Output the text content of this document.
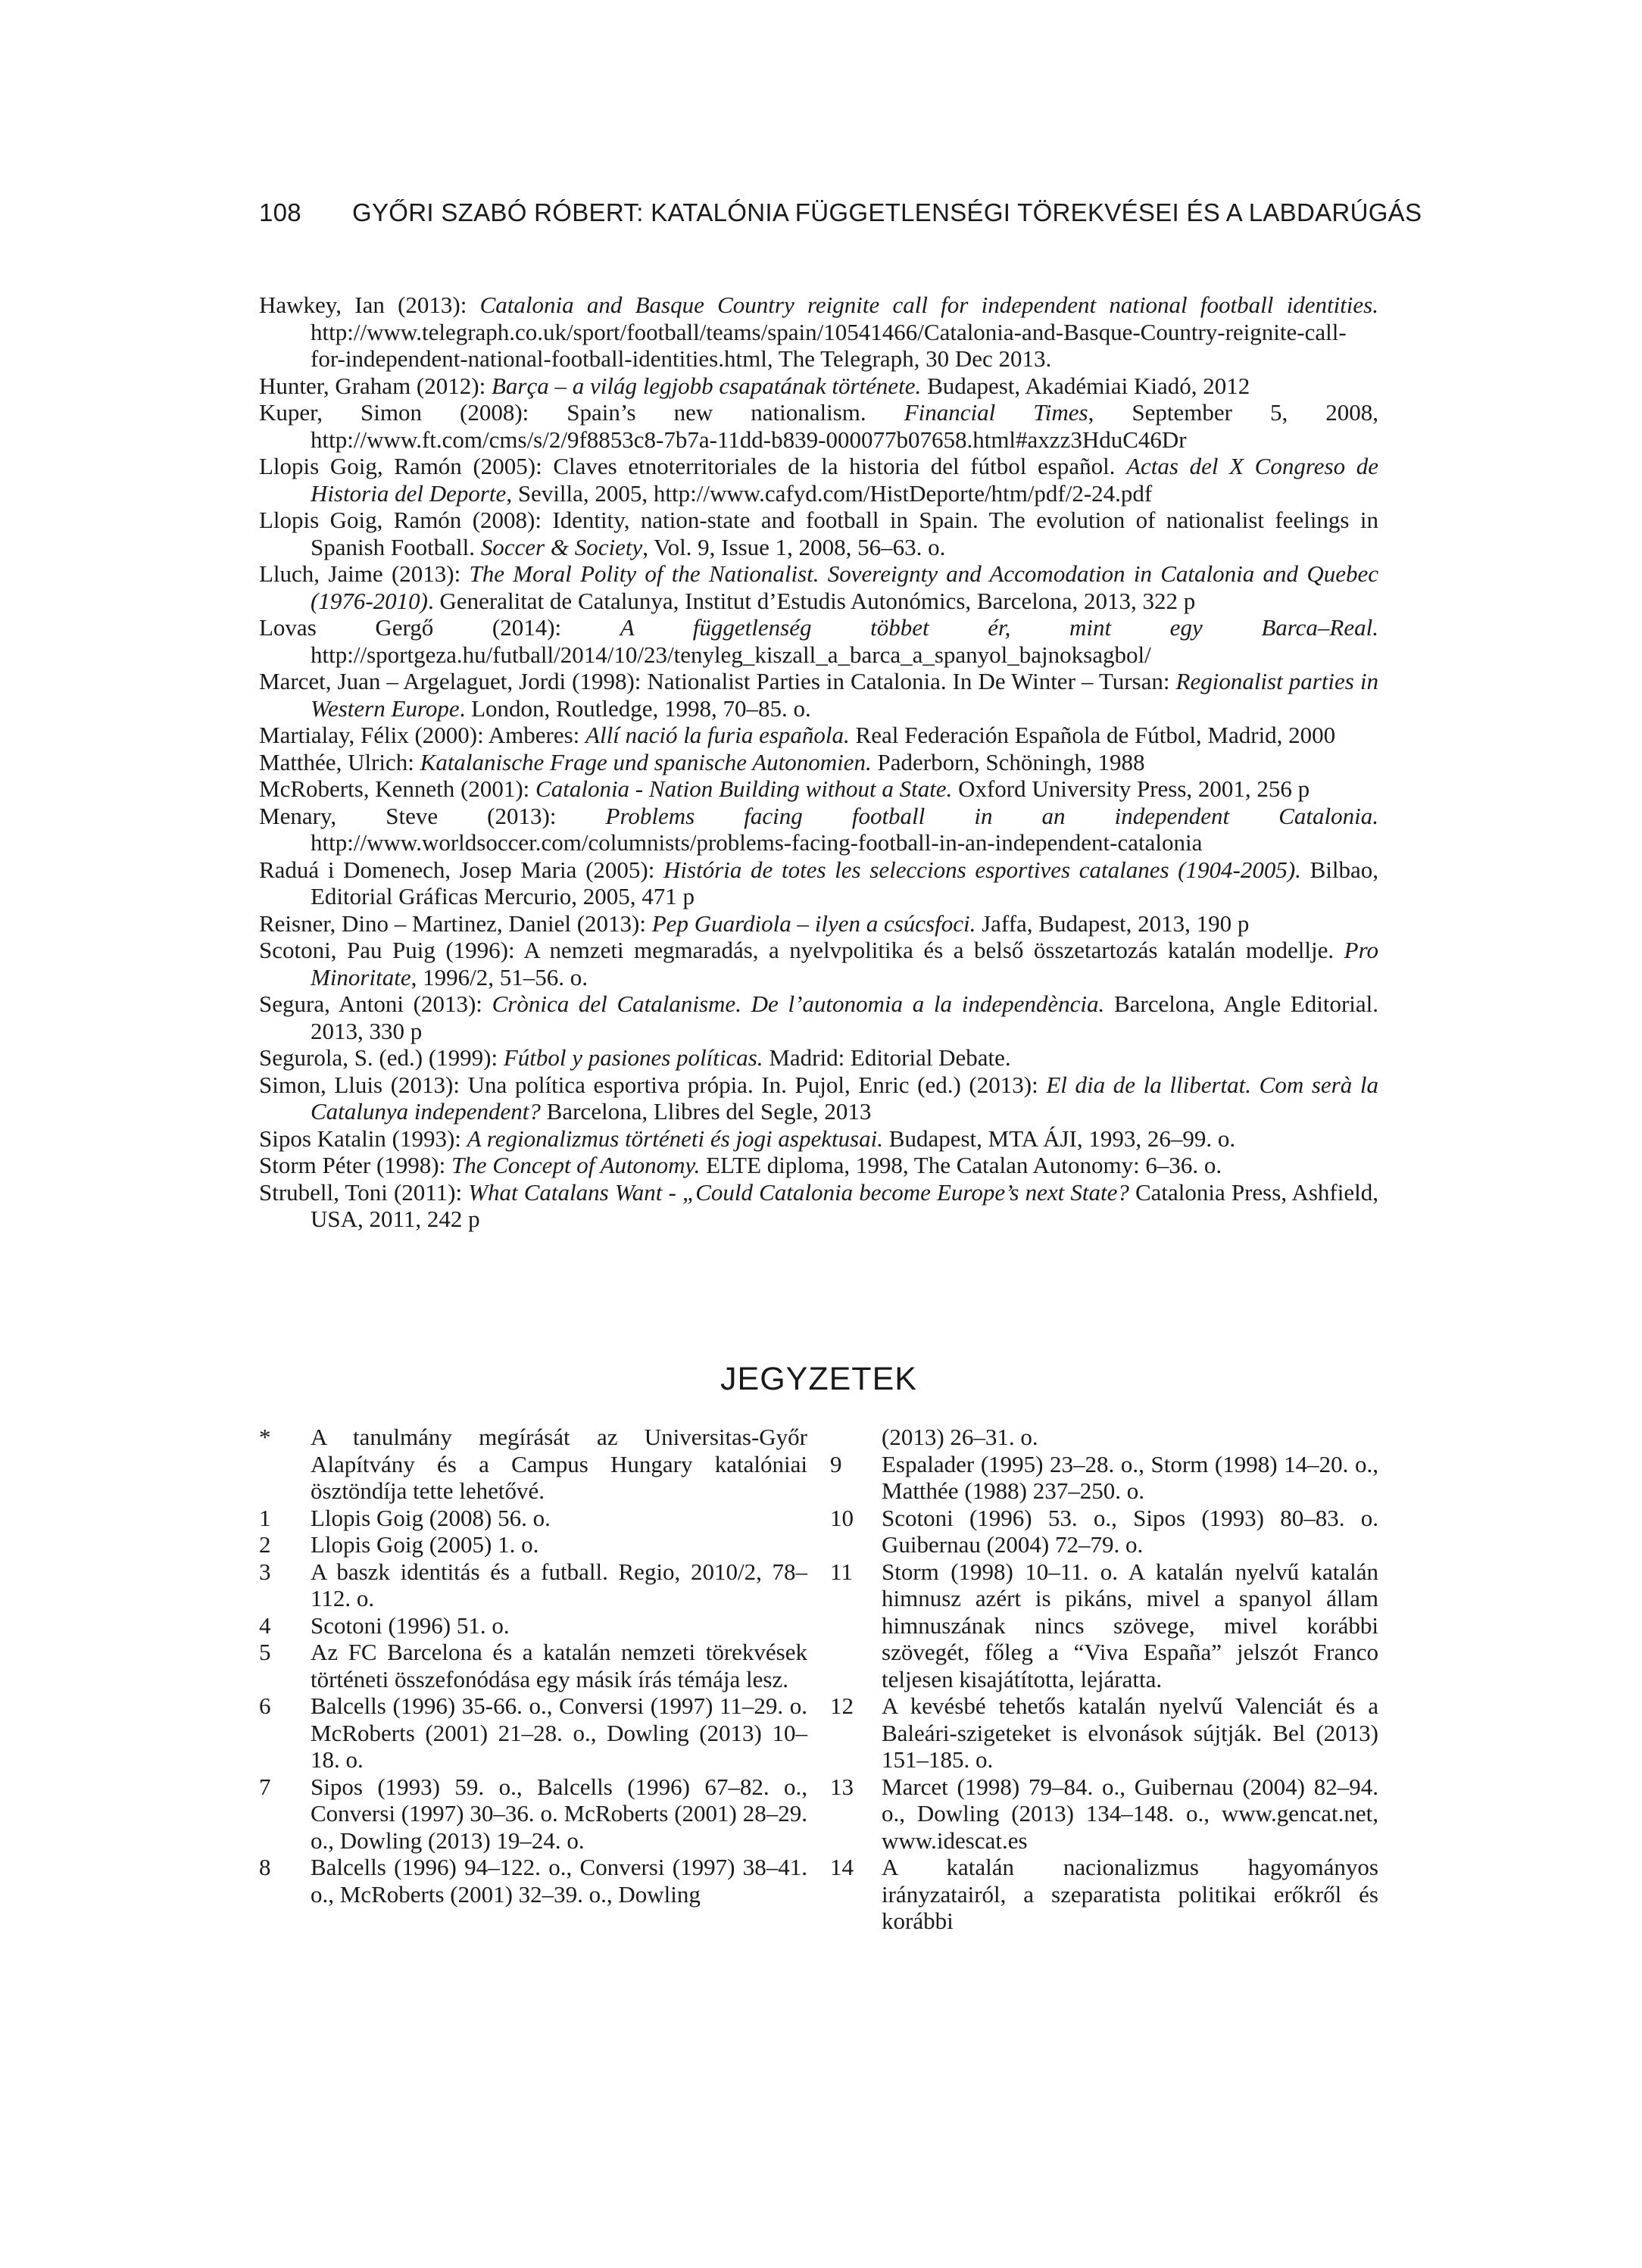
108 GYŐRI SZABÓ RÓBERT: KATALÓNIA FÜGGETLENSÉGI TÖREKVÉSEI ÉS A LABDARÚGÁS

Hawkey, Ian (2013): Catalonia and Basque Country reignite call for independent national football identities. http://www.telegraph.co.uk/sport/football/teams/spain/10541466/Catalonia-and-Basque-Country-reignite-call-for-independent-national-football-identities.html, The Telegraph, 30 Dec 2013.

Hunter, Graham (2012): Barça – a világ legjobb csapatának története. Budapest, Akadémiai Kiadó, 2012

Kuper, Simon (2008): Spain’s new nationalism. Financial Times, September 5, 2008, http://www.ft.com/cms/s/2/9f8853c8-7b7a-11dd-b839-000077b07658.html#axzz3HduC46Dr

Llopis Goig, Ramón (2005): Claves etnoterritoriales de la historia del fútbol español. Actas del X Congreso de Historia del Deporte, Sevilla, 2005, http://www.cafyd.com/HistDeporte/htm/pdf/2-24.pdf

Llopis Goig, Ramón (2008): Identity, nation-state and football in Spain. The evolution of nationalist feelings in Spanish Football. Soccer & Society, Vol. 9, Issue 1, 2008, 56–63. o.

Lluch, Jaime (2013): The Moral Polity of the Nationalist. Sovereignty and Accomodation in Catalonia and Quebec (1976-2010). Generalitat de Catalunya, Institut d’Estudis Autonómics, Barcelona, 2013, 322 p

Lovas Gergő (2014): A függetlenség többet ér, mint egy Barca–Real. http://sportgeza.hu/futball/2014/10/23/tenyleg_kiszall_a_barca_a_spanyol_bajnoksagbol/

Marcet, Juan – Argelaguet, Jordi (1998): Nationalist Parties in Catalonia. In De Winter – Tursan: Regionalist parties in Western Europe. London, Routledge, 1998, 70–85. o.

Martialay, Félix (2000): Amberes: Allí nació la furia española. Real Federación Española de Fútbol, Madrid, 2000

Matthée, Ulrich: Katalanische Frage und spanische Autonomien. Paderborn, Schöningh, 1988

McRoberts, Kenneth (2001): Catalonia - Nation Building without a State. Oxford University Press, 2001, 256 p

Menary, Steve (2013): Problems facing football in an independent Catalonia. http://www.worldsoccer.com/columnists/problems-facing-football-in-an-independent-catalonia

Raduá i Domenech, Josep Maria (2005): História de totes les seleccions esportives catalanes (1904-2005). Bilbao, Editorial Gráficas Mercurio, 2005, 471 p

Reisner, Dino – Martinez, Daniel (2013): Pep Guardiola – ilyen a csúcsfoci. Jaffa, Budapest, 2013, 190 p

Scotoni, Pau Puig (1996): A nemzeti megmaradás, a nyelvpolitika és a belső összetartozás katalán modellje. Pro Minoritate, 1996/2, 51–56. o.

Segura, Antoni (2013): Crònica del Catalanisme. De l’autonomia a la independència. Barcelona, Angle Editorial. 2013, 330 p

Segurola, S. (ed.) (1999): Fútbol y pasiones políticas. Madrid: Editorial Debate.

Simon, Lluis (2013): Una política esportiva própia. In. Pujol, Enric (ed.) (2013): El dia de la llibertat. Com serà la Catalunya independent? Barcelona, Llibres del Segle, 2013

Sipos Katalin (1993): A regionalizmus történeti és jogi aspektusai. Budapest, MTA ÁJI, 1993, 26–99. o.

Storm Péter (1998): The Concept of Autonomy. ELTE diploma, 1998, The Catalan Autonomy: 6–36. o.

Strubell, Toni (2011): What Catalans Want - „Could Catalonia become Europe’s next State? Catalonia Press, Ashfield, USA, 2011, 242 p

JEGYZETEK
*	A tanulmány megírását az Universitas-Győr Alapítvány és a Campus Hungary katalóniai ösztöndíja tette lehetővé.
1	Llopis Goig (2008) 56. o.
2	Llopis Goig (2005) 1. o.
3	A baszk identitás és a futball. Regio, 2010/2, 78–112. o.
4	Scotoni (1996) 51. o.
5	Az FC Barcelona és a katalán nemzeti törekvések történeti összefonódása egy másik írás témája lesz.
6	Balcells (1996) 35-66. o., Conversi (1997) 11–29. o. McRoberts (2001) 21–28. o., Dowling (2013) 10–18. o.
7	Sipos (1993) 59. o., Balcells (1996) 67–82. o., Conversi (1997) 30–36. o. McRoberts (2001) 28–29. o., Dowling (2013) 19–24. o.
8	Balcells (1996) 94–122. o., Conversi (1997) 38–41. o., McRoberts (2001) 32–39. o., Dowling
(2013) 26–31. o.
9	Espalader (1995) 23–28. o., Storm (1998) 14–20. o., Matthée (1988) 237–250. o.
10	Scotoni (1996) 53. o., Sipos (1993) 80–83. o. Guibernau (2004) 72–79. o.
11	Storm (1998) 10–11. o. A katalán nyelvű katalán himnusz azért is pikáns, mivel a spanyol állam himnuszának nincs szövege, mivel korábbi szövegét, főleg a “Viva España” jelszót Franco teljesen kisajátította, lejáratta.
12	A kevésbé tehetős katalán nyelvű Valenciát és a Baleári-szigeteket is elvonások sújtják. Bel (2013) 151–185. o.
13	Marcet (1998) 79–84. o., Guibernau (2004) 82–94. o., Dowling (2013) 134–148. o., www.gencat.net, www.idescat.es
14	A katalán nacionalizmus hagyományos irányzatairól, a szeparatista politikai erőkről és korábbi
